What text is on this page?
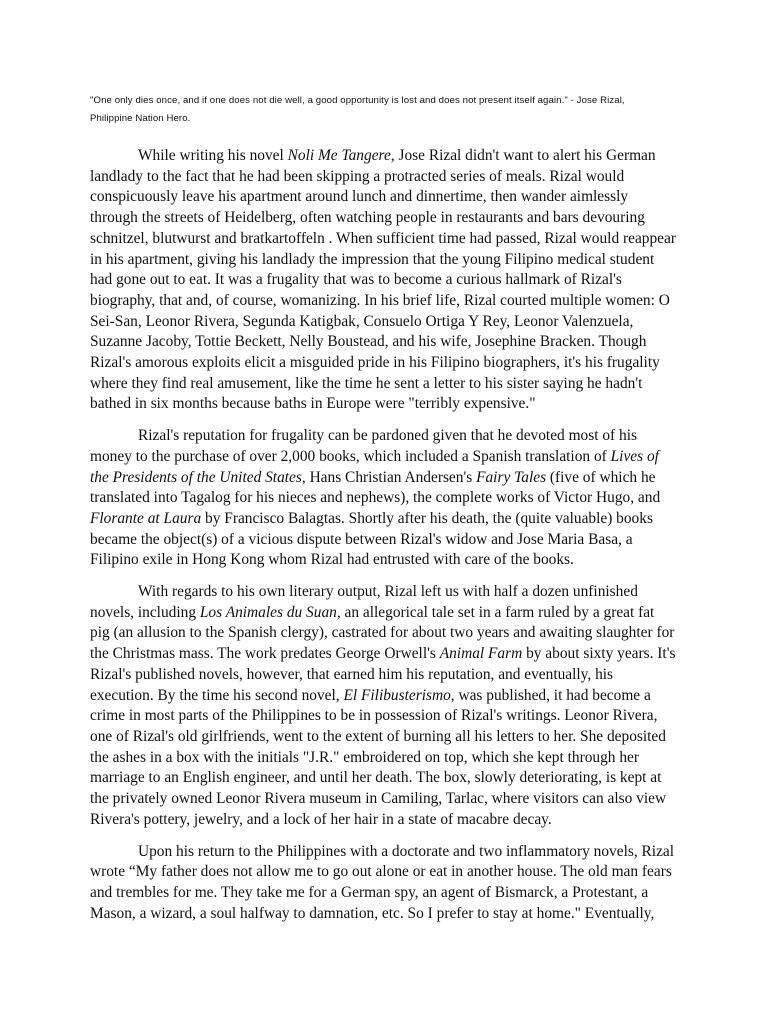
"One only dies once, and if one does not die well, a good opportunity is lost and does not present itself again." - Jose Rizal,
Philippine Nation Hero.

While writing his novel Noli Me Tangere, Jose Rizal didn't want to alert his German landlady to the fact that he had been skipping a protracted series of meals. Rizal would conspicuously leave his apartment around lunch and dinnertime, then wander aimlessly through the streets of Heidelberg, often watching people in restaurants and bars devouring schnitzel, blutwurst and bratkartoffeln . When sufficient time had passed, Rizal would reappear in his apartment, giving his landlady the impression that the young Filipino medical student had gone out to eat. It was a frugality that was to become a curious hallmark of Rizal's biography, that and, of course, womanizing. In his brief life, Rizal courted multiple women: O Sei-San, Leonor Rivera, Segunda Katigbak, Consuelo Ortiga Y Rey, Leonor Valenzuela, Suzanne Jacoby, Tottie Beckett, Nelly Boustead, and his wife, Josephine Bracken. Though Rizal's amorous exploits elicit a misguided pride in his Filipino biographers, it's his frugality where they find real amusement, like the time he sent a letter to his sister saying he hadn't bathed in six months because baths in Europe were "terribly expensive."

Rizal's reputation for frugality can be pardoned given that he devoted most of his money to the purchase of over 2,000 books, which included a Spanish translation of Lives of the Presidents of the United States, Hans Christian Andersen's Fairy Tales (five of which he translated into Tagalog for his nieces and nephews), the complete works of Victor Hugo, and Florante at Laura by Francisco Balagtas. Shortly after his death, the (quite valuable) books became the object(s) of a vicious dispute between Rizal's widow and Jose Maria Basa, a Filipino exile in Hong Kong whom Rizal had entrusted with care of the books.

With regards to his own literary output, Rizal left us with half a dozen unfinished novels, including Los Animales du Suan, an allegorical tale set in a farm ruled by a great fat pig (an allusion to the Spanish clergy), castrated for about two years and awaiting slaughter for the Christmas mass. The work predates George Orwell's Animal Farm by about sixty years. It's Rizal's published novels, however, that earned him his reputation, and eventually, his execution. By the time his second novel, El Filibusterismo, was published, it had become a crime in most parts of the Philippines to be in possession of Rizal's writings. Leonor Rivera, one of Rizal's old girlfriends, went to the extent of burning all his letters to her. She deposited the ashes in a box with the initials "J.R." embroidered on top, which she kept through her marriage to an English engineer, and until her death. The box, slowly deteriorating, is kept at the privately owned Leonor Rivera museum in Camiling, Tarlac, where visitors can also view Rivera's pottery, jewelry, and a lock of her hair in a state of macabre decay.

Upon his return to the Philippines with a doctorate and two inflammatory novels, Rizal wrote “My father does not allow me to go out alone or eat in another house. The old man fears and trembles for me. They take me for a German spy, an agent of Bismarck, a Protestant, a Mason, a wizard, a soul halfway to damnation, etc. So I prefer to stay at home." Eventually,
